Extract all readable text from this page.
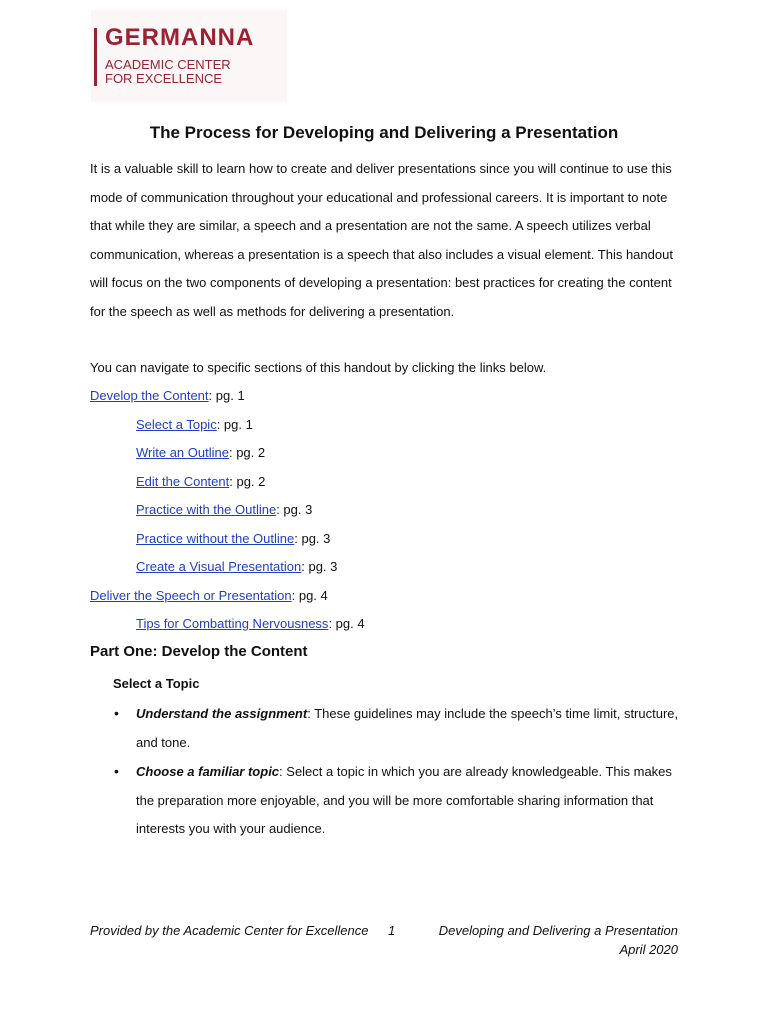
GERMANNA
ACADEMIC CENTER
FOR EXCELLENCE
The Process for Developing and Delivering a Presentation

It is a valuable skill to learn how to create and deliver presentations since you will continue to use this mode of communication throughout your educational and professional careers. It is important to note that while they are similar, a speech and a presentation are not the same. A speech utilizes verbal communication, whereas a presentation is a speech that also includes a visual element. This handout will focus on the two components of developing a presentation: best practices for creating the content for the speech as well as methods for delivering a presentation.

You can navigate to specific sections of this handout by clicking the links below.
Develop the Content: pg. 1
Select a Topic: pg. 1
Write an Outline: pg. 2
Edit the Content: pg. 2
Practice with the Outline: pg. 3
Practice without the Outline: pg. 3
Create a Visual Presentation: pg. 3
Deliver the Speech or Presentation: pg. 4
Tips for Combatting Nervousness: pg. 4
Part One: Develop the Content
Select a Topic
• Understand the assignment: These guidelines may include the speech’s time limit, structure, and tone.

• Choose a familiar topic: Select a topic in which you are already knowledgeable. This makes the preparation more enjoyable, and you will be more comfortable sharing information that interests you with your audience.

Provided by the Academic Center for Excellence 1	Developing and Delivering a Presentation
April 2020
